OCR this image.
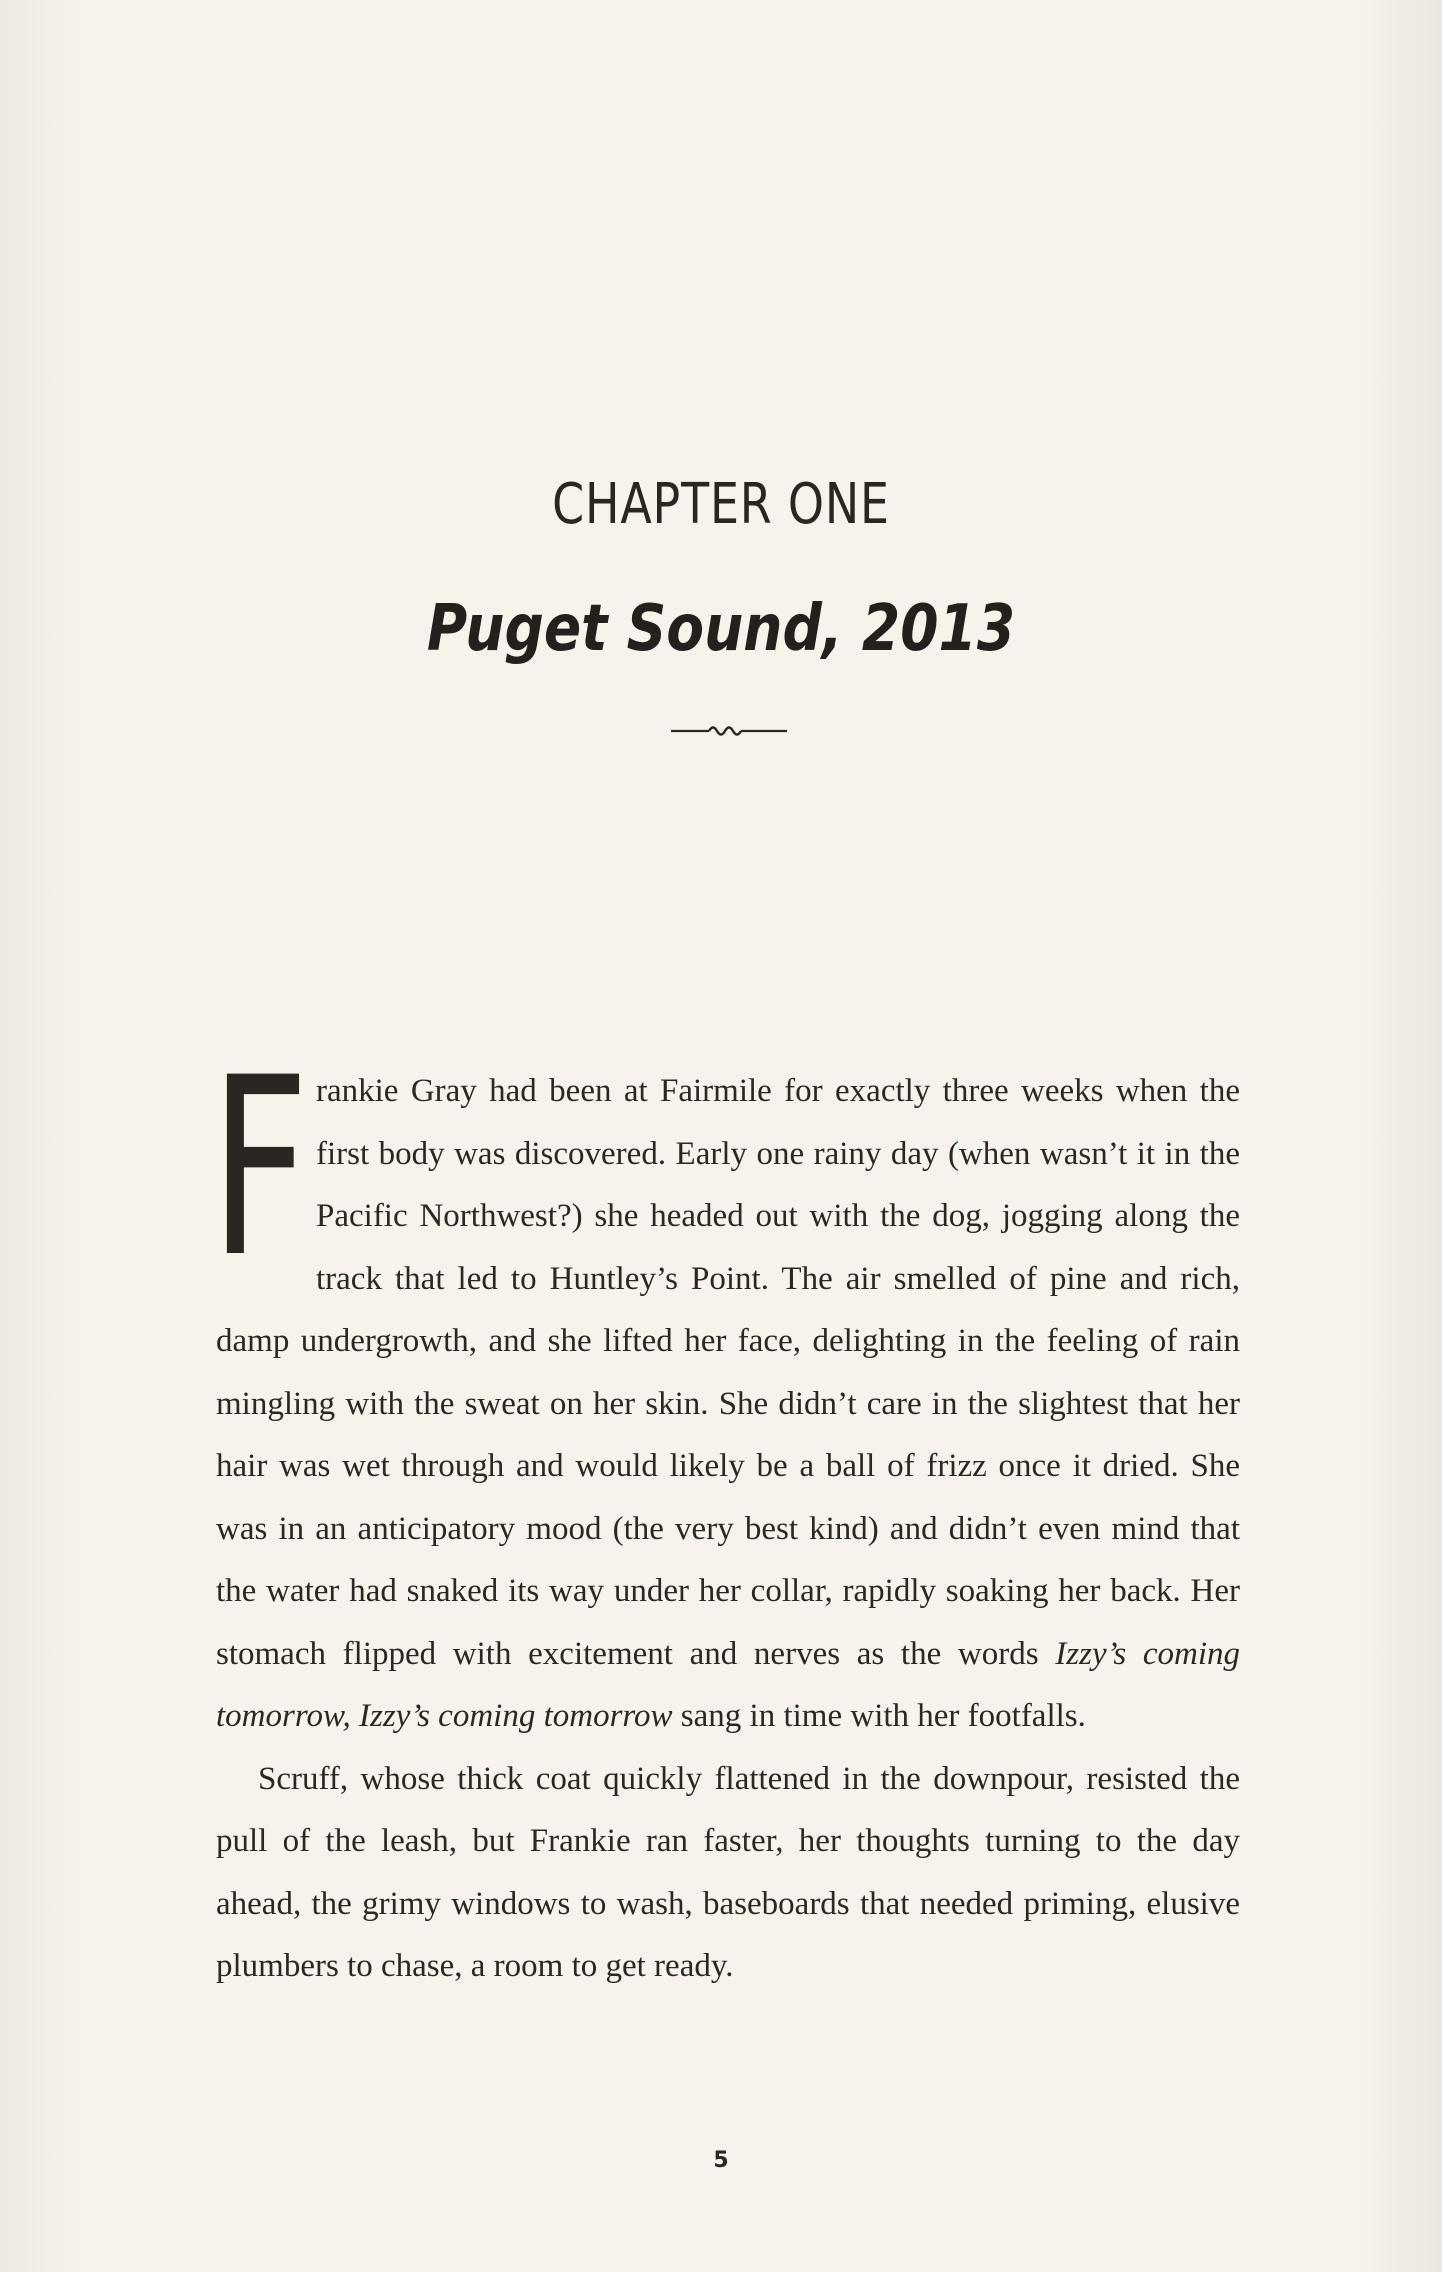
CHAPTER ONE
Puget Sound, 2013

Frankie Gray had been at Fairmile for exactly three weeks when the first body was discovered. Early one rainy day (when wasn’t it in the Pacific Northwest?) she headed out with the dog, jogging along the track that led to Huntley’s Point. The air smelled of pine and rich, damp undergrowth, and she lifted her face, delighting in the feeling of rain mingling with the sweat on her skin. She didn’t care in the slightest that her hair was wet through and would likely be a ball of frizz once it dried. She was in an anticipatory mood (the very best kind) and didn’t even mind that the water had snaked its way under her collar, rapidly soaking her back. Her stomach flipped with excitement and nerves as the words Izzy’s coming tomorrow, Izzy’s coming tomorrow sang in time with her footfalls.

Scruff, whose thick coat quickly flattened in the downpour, resisted the pull of the leash, but Frankie ran faster, her thoughts turning to the day ahead, the grimy windows to wash, baseboards that needed priming, elusive plumbers to chase, a room to get ready.

5
